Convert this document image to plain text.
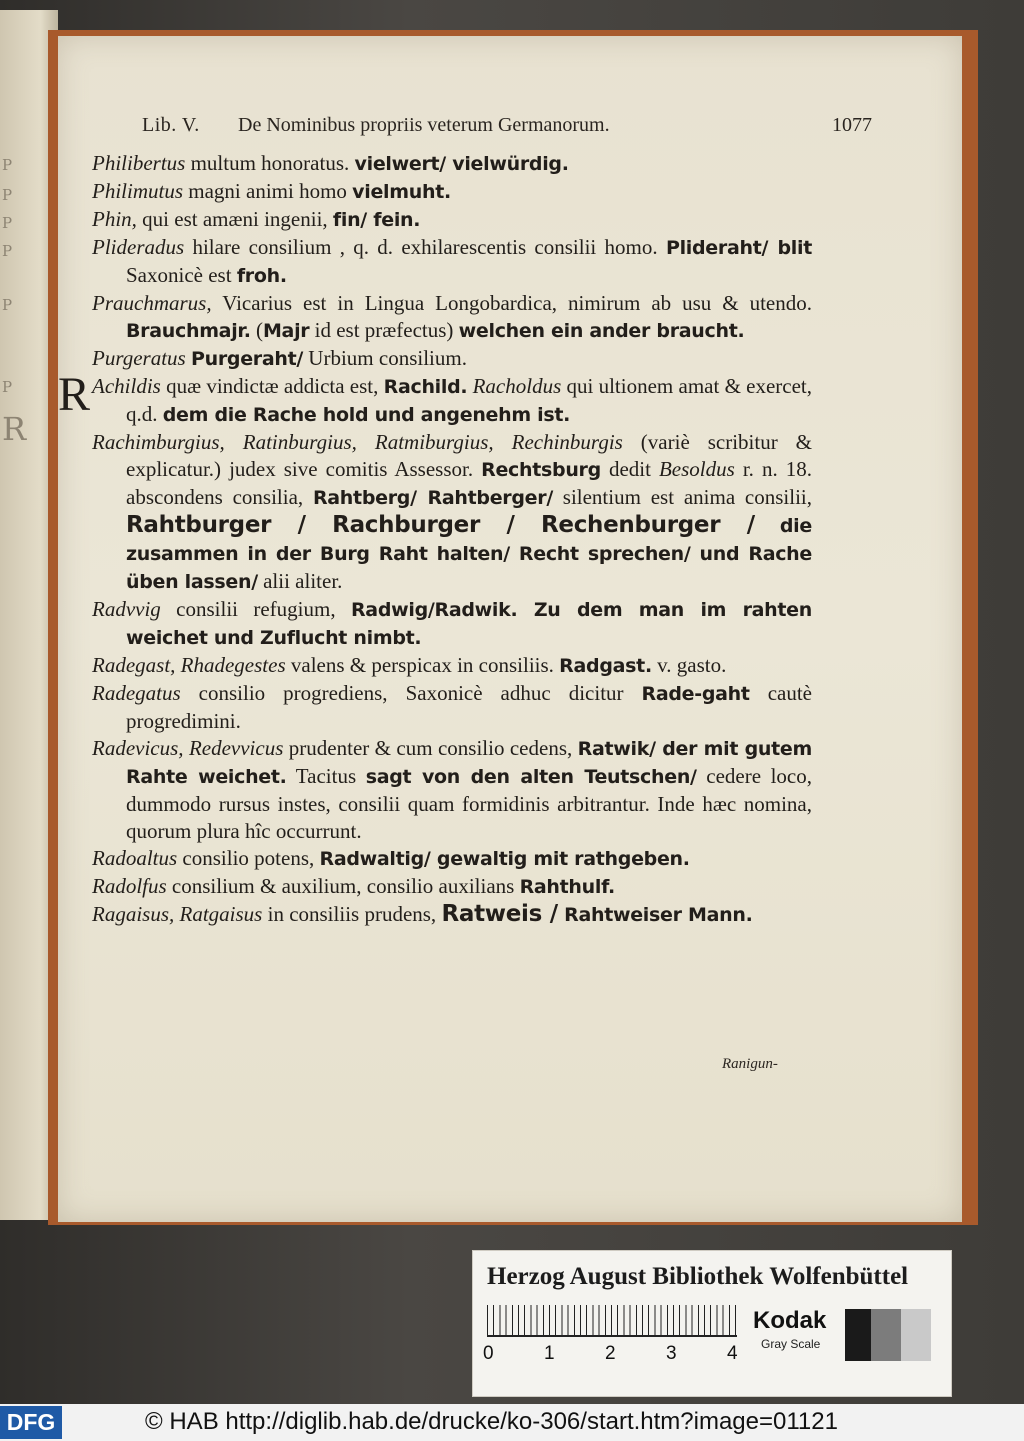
P
P
P
P
P
P
R
Lib. V. De Nominibus propriis veterum Germanorum.	1077

Philibertus multum honoratus. vielwert/ vielwürdig.

Philimutus magni animi homo vielmuht.

Phin, qui est amæni ingenii, fin/ fein.

Plideradus hilare consilium , q. d. exhilarescentis consilii homo. Plideraht/ blit Saxonicè est froh.

Prauchmarus, Vicarius est in Lingua Longobardica, nimirum ab usu & utendo. Brauchmajr. (Majr id est præfectus) welchen ein ander braucht.

Purgeratus Purgeraht/ Urbium consilium.

R Achildis quæ vindictæ addicta est, Rachild. Racholdus qui ultionem amat & exercet, q.d. dem die Rache hold und angenehm ist.

Rachimburgius, Ratinburgius, Ratmiburgius, Rechinburgis (variè scribitur & explicatur.) judex sive comitis Assessor. Rechtsburg dedit Besoldus r. n. 18. abscondens consilia, Rahtberg/ Rahtberger/ silentium est anima consilii, Rahtburger / Rachburger / Rechenburger / die zusammen in der Burg Raht halten/ Recht sprechen/ und Rache üben lassen/ alii aliter.

Radvvig consilii refugium, Radwig/Radwik. Zu dem man im rahten weichet und Zuflucht nimbt.

Radegast, Rhadegestes valens & perspicax in consiliis. Radgast. v. gasto.

Radegatus consilio progrediens, Saxonicè adhuc dicitur Rade-gaht cautè progredimini.

Radevicus, Redevvicus prudenter & cum consilio cedens, Ratwik/ der mit gutem Rahte weichet. Tacitus sagt von den alten Teutschen/ cedere loco, dummodo rursus instes, consilii quam formidinis arbitrantur. Inde hæc nomina, quorum plura hîc occurrunt.

Radoaltus consilio potens, Radwaltig/ gewaltig mit rathgeben.

Radolfus consilium & auxilium, consilio auxilians Rahthulf.

Ragaisus, Ratgaisus in consiliis prudens, Ratweis / Rahtweiser Mann.

Ranigun-
Herzog August Bibliothek Wolfenbüttel
0	1	2	3	4
Kodak
Gray Scale
DFG	© HAB http://diglib.hab.de/drucke/ko-306/start.htm?image=01121
